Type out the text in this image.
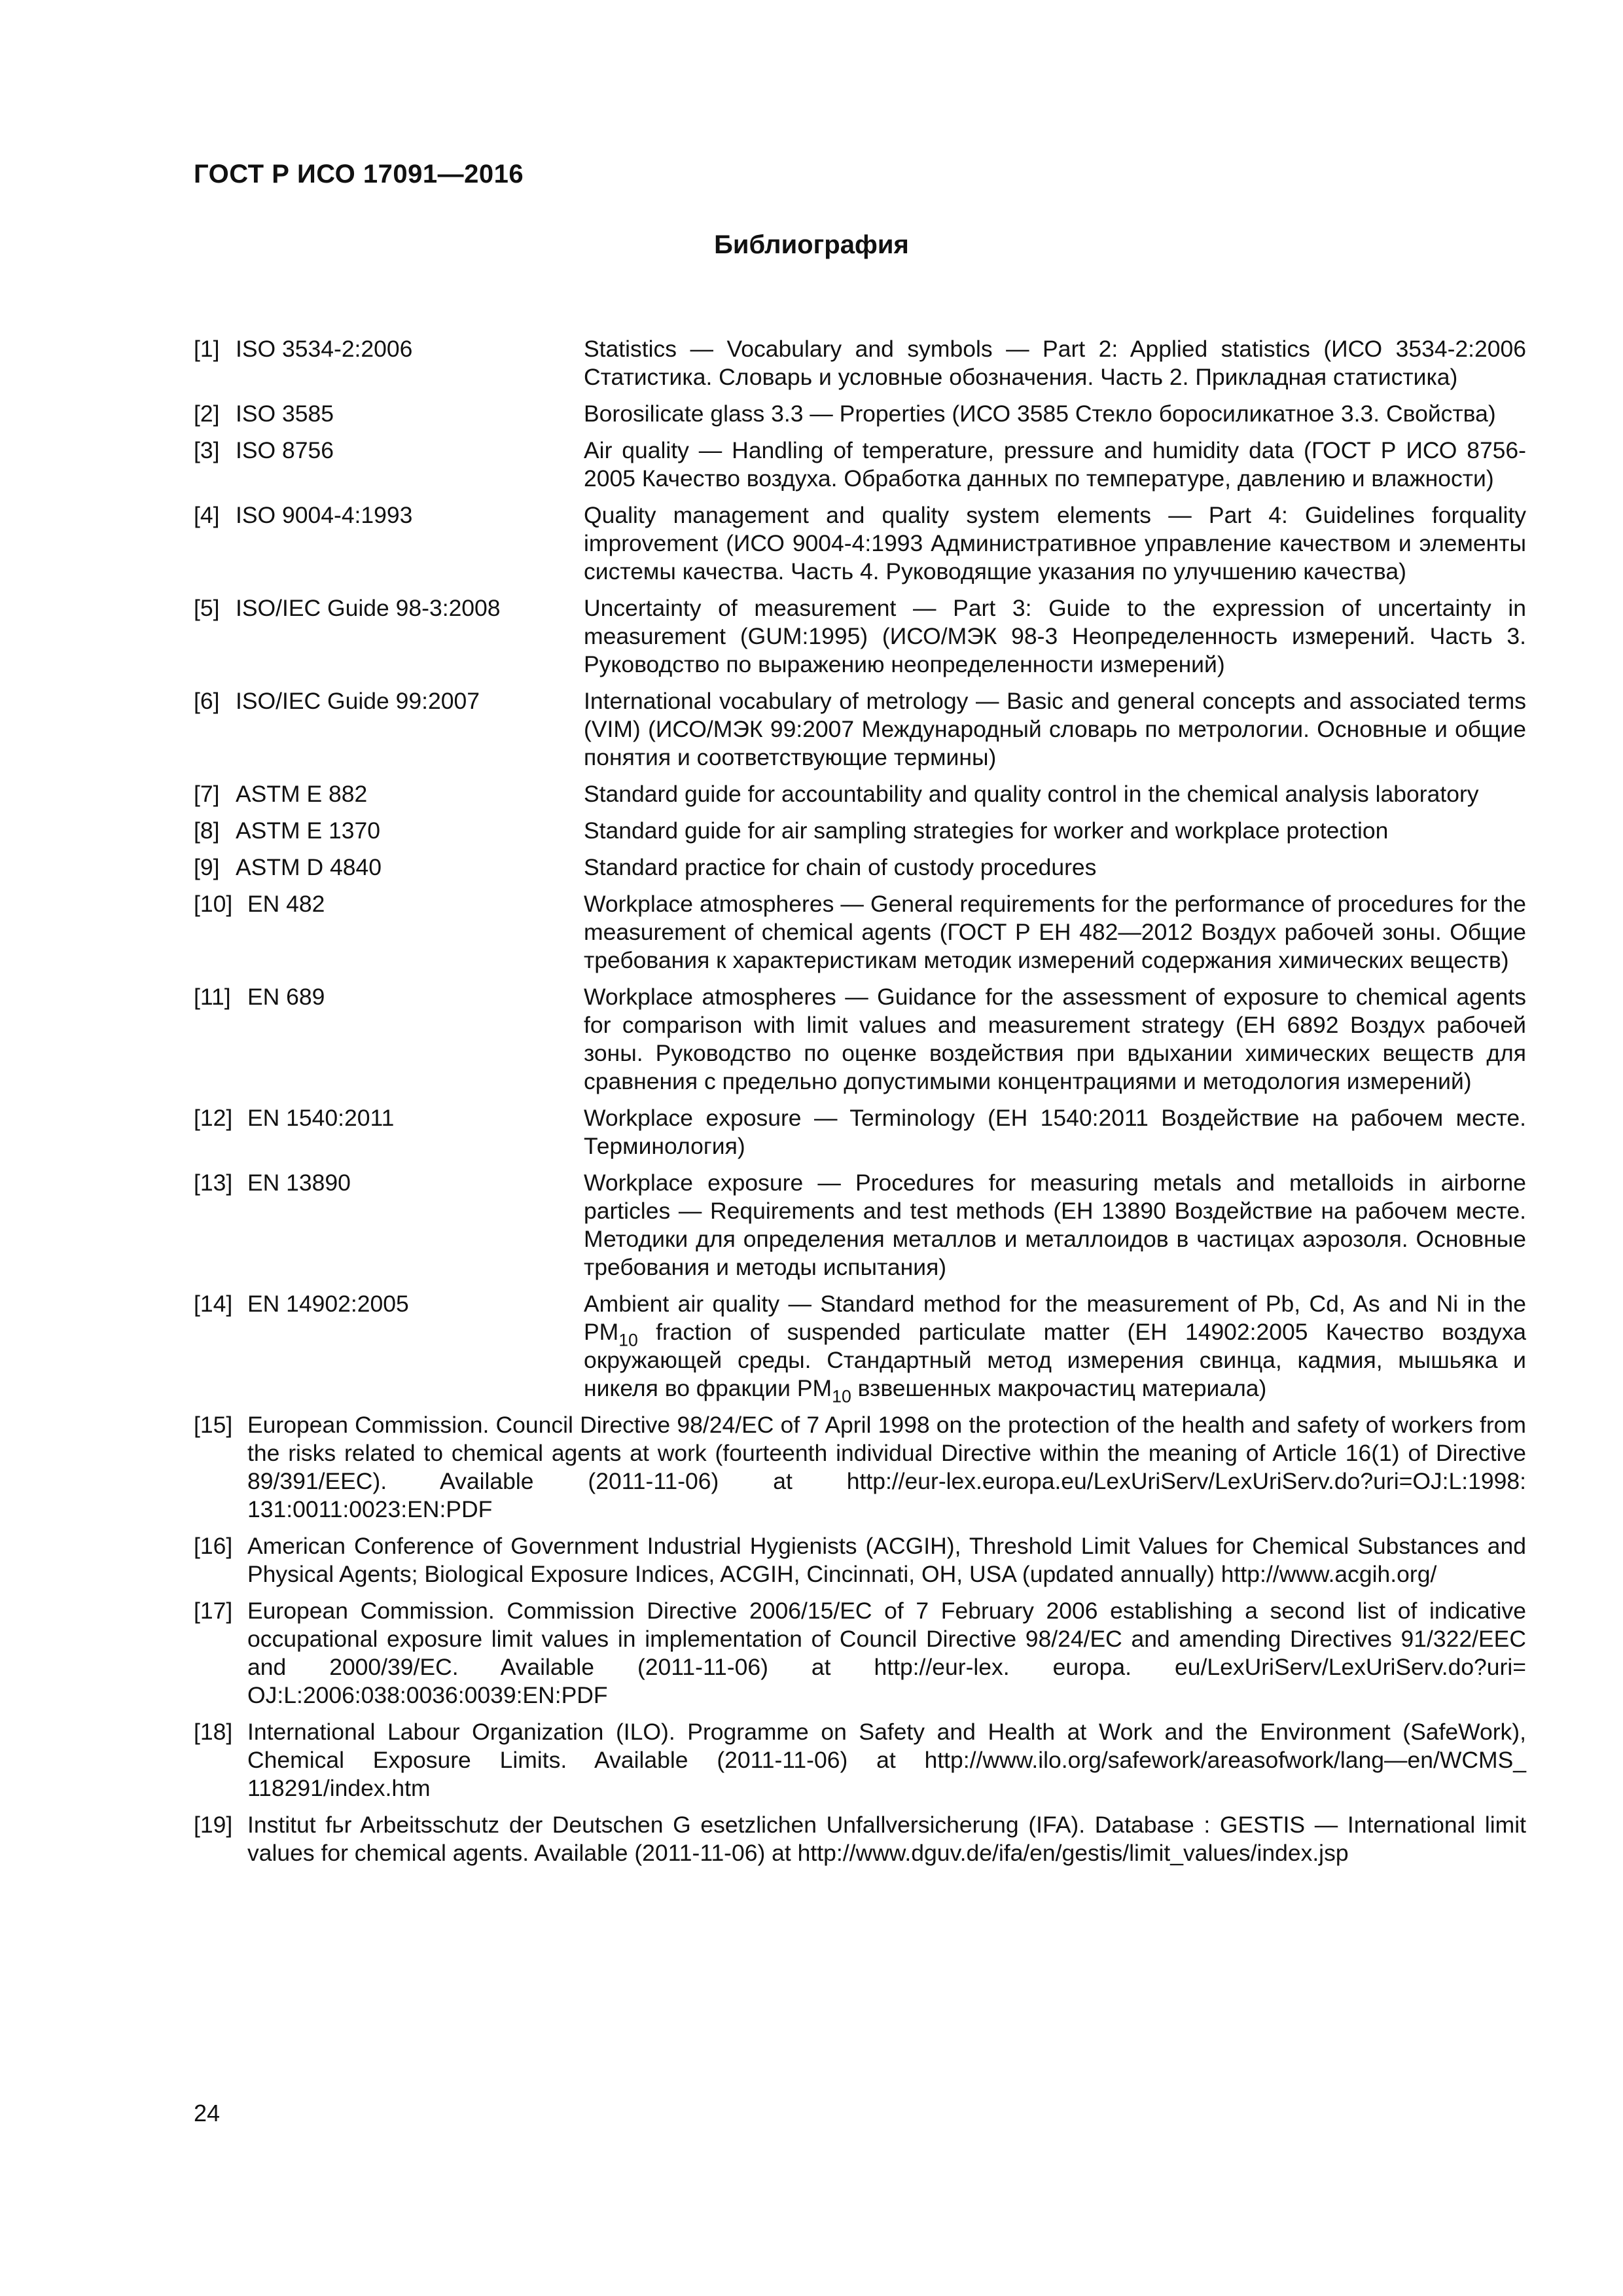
ГОСТ Р ИСО 17091—2016
Библиография
[1] ISO 3534-2:2006	Statistics — Vocabulary and symbols — Part 2: Applied statistics (ИСО 3534-2:2006 Статистика. Словарь и условные обозначения. Часть 2. Прикладная статистика)
[2] ISO 3585	Borosilicate glass 3.3 — Properties (ИСО 3585 Стекло боросиликатное 3.3. Свойства)
[3] ISO 8756	Air quality — Handling of temperature, pressure and humidity data (ГОСТ Р ИСО 8756-2005 Качество воздуха. Обработка данных по температуре, давлению и влажности)
[4] ISO 9004-4:1993	Quality management and quality system elements — Part 4: Guidelines forquality improvement (ИСО 9004-4:1993 Административное управление качеством и элементы системы качества. Часть 4. Руководящие указания по улучшению качества)
[5] ISO/IEC Guide 98-3:2008	Uncertainty of measurement — Part 3: Guide to the expression of uncertainty in measurement (GUM:1995) (ИСО/МЭК 98-3 Неопределенность измерений. Часть 3. Руководство по выражению неопределенности измерений)
[6] ISO/IEC Guide 99:2007	International vocabulary of metrology — Basic and general concepts and associated terms (VIM) (ИСО/МЭК 99:2007 Международный словарь по метрологии. Основные и общие понятия и соответствующие термины)
[7] ASTM E 882	Standard guide for accountability and quality control in the chemical analysis laboratory
[8] ASTM E 1370	Standard guide for air sampling strategies for worker and workplace protection
[9] ASTM D 4840	Standard practice for chain of custody procedures
[10] EN 482	Workplace atmospheres — General requirements for the performance of procedures for the measurement of chemical agents (ГОСТ Р ЕН 482—2012 Воздух рабочей зоны. Общие требования к характеристикам методик измерений содержания химических веществ)
[11] EN 689	Workplace atmospheres — Guidance for the assessment of exposure to chemical agents for comparison with limit values and measurement strategy (ЕН 6892 Воздух рабочей зоны. Руководство по оценке воздействия при вдыхании химических веществ для сравнения с предельно допустимыми концентрациями и методология измерений)
[12] EN 1540:2011	Workplace exposure — Terminology (ЕН 1540:2011 Воздействие на рабочем месте. Терминология)
[13] EN 13890	Workplace exposure — Procedures for measuring metals and metalloids in airborne particles — Requirements and test methods (ЕН 13890 Воздействие на рабочем месте. Методики для определения металлов и металлоидов в частицах аэрозоля. Основные требования и методы испытания)
[14] EN 14902:2005	Ambient air quality — Standard method for the measurement of Pb, Cd, As and Ni in the $PM_{10}$ fraction of suspended particulate matter (ЕН 14902:2005 Качество воздуха окружающей среды. Стандартный метод измерения свинца, кадмия, мышьяка и никеля во фракции $PM_{10}$ взвешенных макрочастиц материала)
[15] European Commission. Council Directive 98/24/EC of 7 April 1998 on the protection of the health and safety of workers from the risks related to chemical agents at work (fourteenth individual Directive within the meaning of Article 16(1) of Directive 89/391/EEC). Available (2011-11-06) at http://eur-lex.europa.eu/LexUriServ/LexUriServ.do?uri=OJ:L:1998: 131:0011:0023:EN:PDF
[16] American Conference of Government Industrial Hygienists (ACGIH), Threshold Limit Values for Chemical Substances and Physical Agents; Biological Exposure Indices, ACGIH, Cincinnati, OH, USA (updated annually) http://www.acgih.org/
[17] European Commission. Commission Directive 2006/15/EC of 7 February 2006 establishing a second list of indicative occupational exposure limit values in implementation of Council Directive 98/24/EC and amending Directives 91/322/EEC and 2000/39/EC. Available (2011-11-06) at http://eur-lex. europa. eu/LexUriServ/LexUriServ.do?uri= OJ:L:2006:038:0036:0039:EN:PDF
[18] International Labour Organization (ILO). Programme on Safety and Health at Work and the Environment (SafeWork), Chemical Exposure Limits. Available (2011-11-06) at http://www.ilo.org/safework/areasofwork/lang—en/WCMS_ 118291/index.htm
[19] Institut fьr Arbeitsschutz der Deutschen G esetzlichen Unfallversicherung (IFA). Database : GESTIS — International limit values for chemical agents. Available (2011-11-06) at http://www.dguv.de/ifa/en/gestis/limit_values/index.jsp
24
